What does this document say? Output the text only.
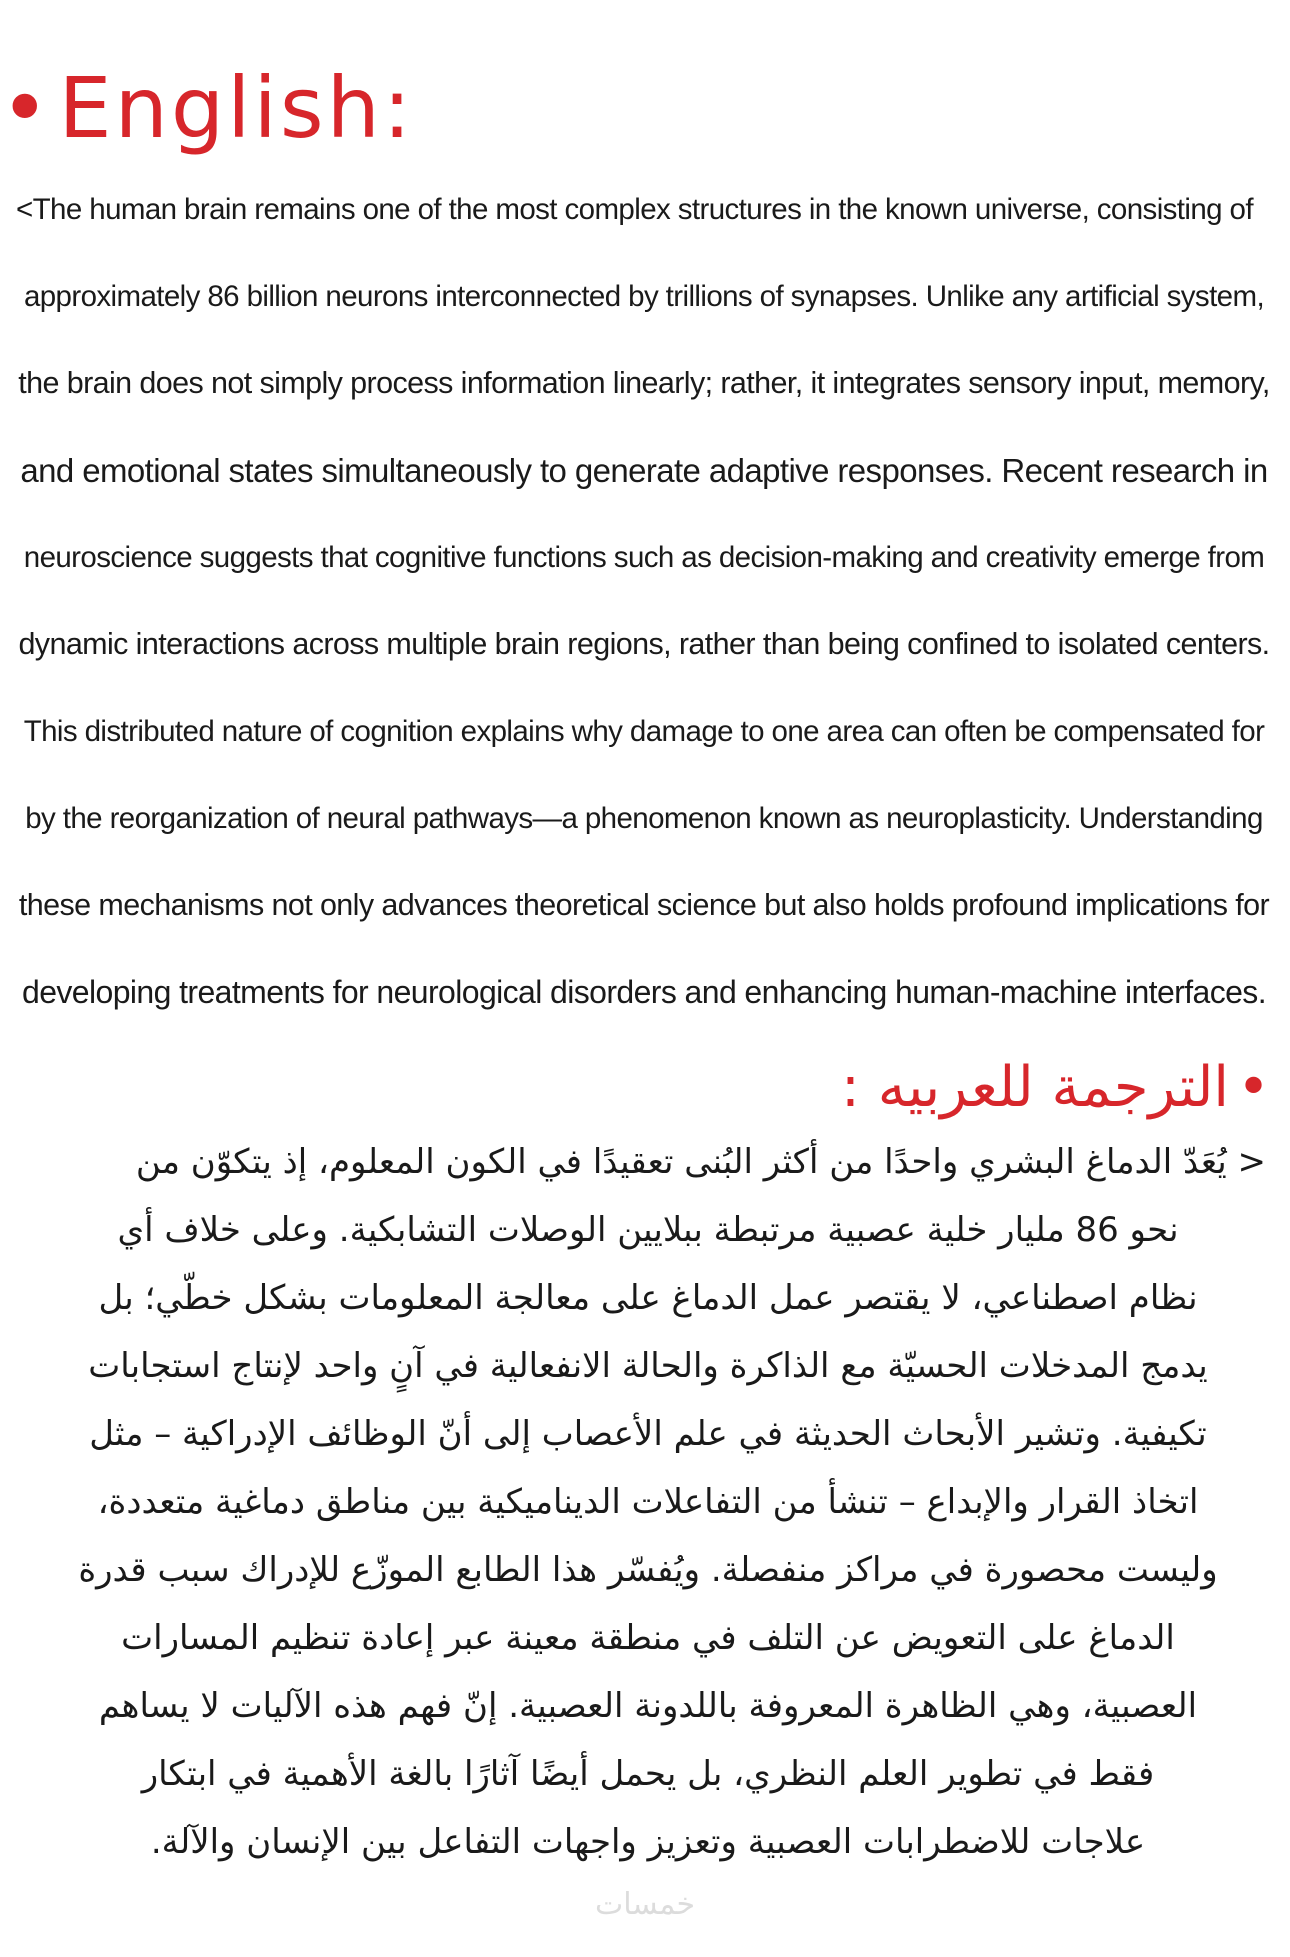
• English:
<The human brain remains one of the most complex structures in the known universe, consisting of
approximately 86 billion neurons interconnected by trillions of synapses. Unlike any artificial system,
the brain does not simply process information linearly; rather, it integrates sensory input, memory,
and emotional states simultaneously to generate adaptive responses. Recent research in
neuroscience suggests that cognitive functions such as decision-making and creativity emerge from
dynamic interactions across multiple brain regions, rather than being confined to isolated centers.
This distributed nature of cognition explains why damage to one area can often be compensated for
by the reorganization of neural pathways—a phenomenon known as neuroplasticity. Understanding
these mechanisms not only advances theoretical science but also holds profound implications for
developing treatments for neurological disorders and enhancing human-machine interfaces.
•
الترجمة للعربيه :
< يُعَدّ الدماغ البشري واحدًا من أكثر البُنى تعقيدًا في الكون المعلوم، إذ يتكوّن من
نحو 86 مليار خلية عصبية مرتبطة ببلايين الوصلات التشابكية. وعلى خلاف أي
نظام اصطناعي، لا يقتصر عمل الدماغ على معالجة المعلومات بشكل خطّي؛ بل
يدمج المدخلات الحسيّة مع الذاكرة والحالة الانفعالية في آنٍ واحد لإنتاج استجابات
تكيفية. وتشير الأبحاث الحديثة في علم الأعصاب إلى أنّ الوظائف الإدراكية – مثل
اتخاذ القرار والإبداع – تنشأ من التفاعلات الديناميكية بين مناطق دماغية متعددة،
وليست محصورة في مراكز منفصلة. ويُفسّر هذا الطابع الموزّع للإدراك سبب قدرة
الدماغ على التعويض عن التلف في منطقة معينة عبر إعادة تنظيم المسارات
العصبية، وهي الظاهرة المعروفة باللدونة العصبية. إنّ فهم هذه الآليات لا يساهم
فقط في تطوير العلم النظري، بل يحمل أيضًا آثارًا بالغة الأهمية في ابتكار
علاجات للاضطرابات العصبية وتعزيز واجهات التفاعل بين الإنسان والآلة.
خمسات
